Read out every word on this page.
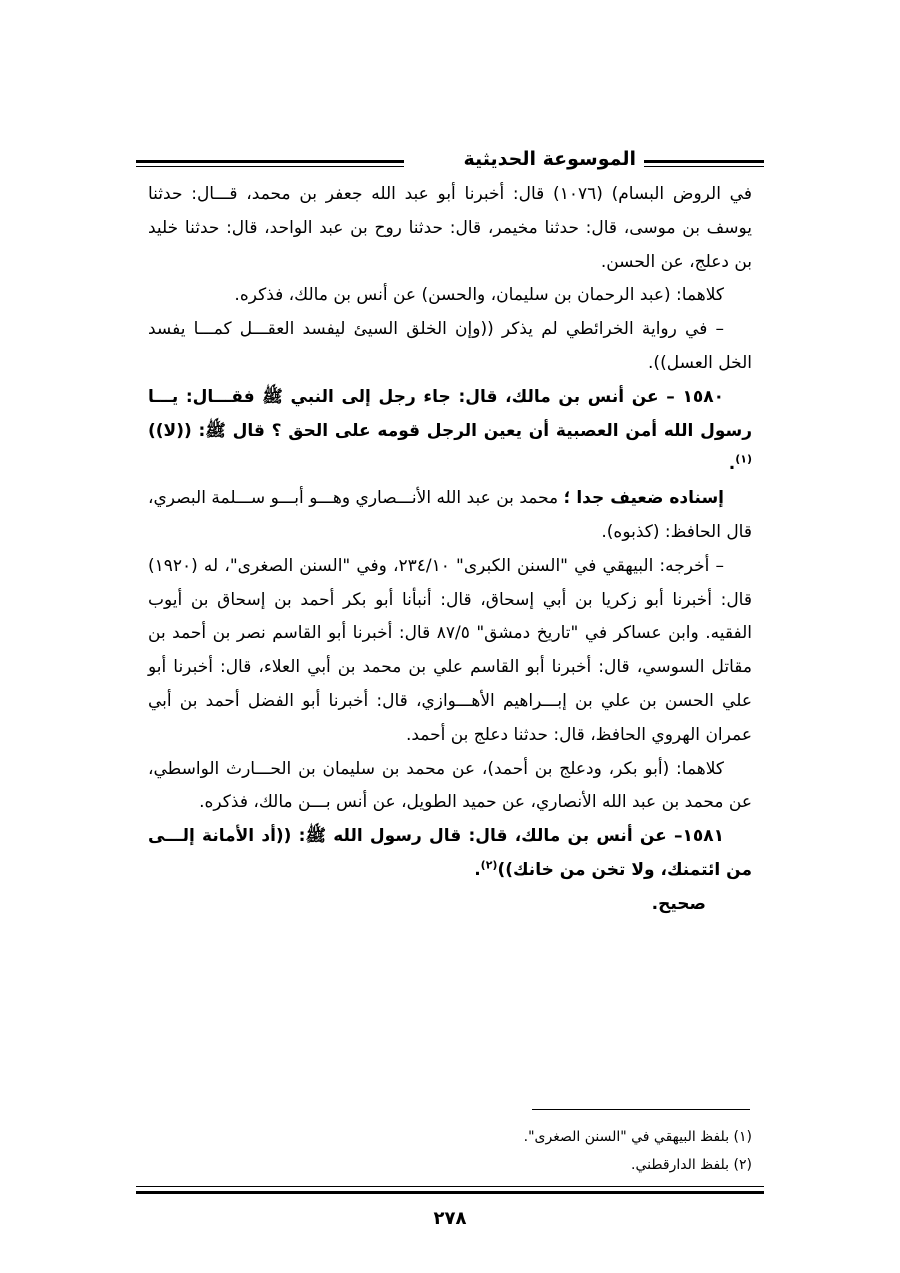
الموسوعة الحديثية

في الروض البسام) (١٠٧٦) قال: أخبرنا أبو عبد الله جعفر بن محمد، قـــال: حدثنا يوسف بن موسى، قال: حدثنا مخيمر، قال: حدثنا روح بن عبد الواحد، قال: حدثنا خليد بن دعلج، عن الحسن.

كلاهما: (عبد الرحمان بن سليمان، والحسن) عن أنس بن مالك، فذكره.

– في رواية الخرائطي لم يذكر ((وإن الخلق السيئ ليفسد العقـــل كمـــا يفسد الخل العسل)).

١٥٨٠ – عن أنس بن مالك، قال: جاء رجل إلى النبي ﷺ فقـــال: يـــا رسول الله أمن العصبية أن يعين الرجل قومه على الحق ؟ قال ﷺ: ((لا))$^{(١)}$.

إسناده ضعيف جدا ؛ محمد بن عبد الله الأنـــصاري وهـــو أبـــو ســـلمة البصري، قال الحافظ: (كذبوه).

– أخرجه: البيهقي في "السنن الكبرى" ٢٣٤/١٠، وفي "السنن الصغرى"، له (١٩٢٠) قال: أخبرنا أبو زكريا بن أبي إسحاق، قال: أنبأنا أبو بكر أحمد بن إسحاق بن أيوب الفقيه. وابن عساكر في "تاريخ دمشق" ٨٧/٥ قال: أخبرنا أبو القاسم نصر بن أحمد بن مقاتل السوسي، قال: أخبرنا أبو القاسم علي بن محمد بن أبي العلاء، قال: أخبرنا أبو علي الحسن بن علي بن إبـــراهيم الأهـــوازي، قال: أخبرنا أبو الفضل أحمد بن أبي عمران الهروي الحافظ، قال: حدثنا دعلج بن أحمد.

كلاهما: (أبو بكر، ودعلج بن أحمد)، عن محمد بن سليمان بن الحـــارث الواسطي، عن محمد بن عبد الله الأنصاري، عن حميد الطويل، عن أنس بـــن مالك، فذكره.

١٥٨١– عن أنس بن مالك، قال: قال رسول الله ﷺ: ((أد الأمانة إلـــى من ائتمنك، ولا تخن من خانك))$^{(٢)}$.

صحيح.

(١) بلفظ البيهقي في "السنن الصغرى".

(٢) بلفظ الدارقطني.

٢٧٨
